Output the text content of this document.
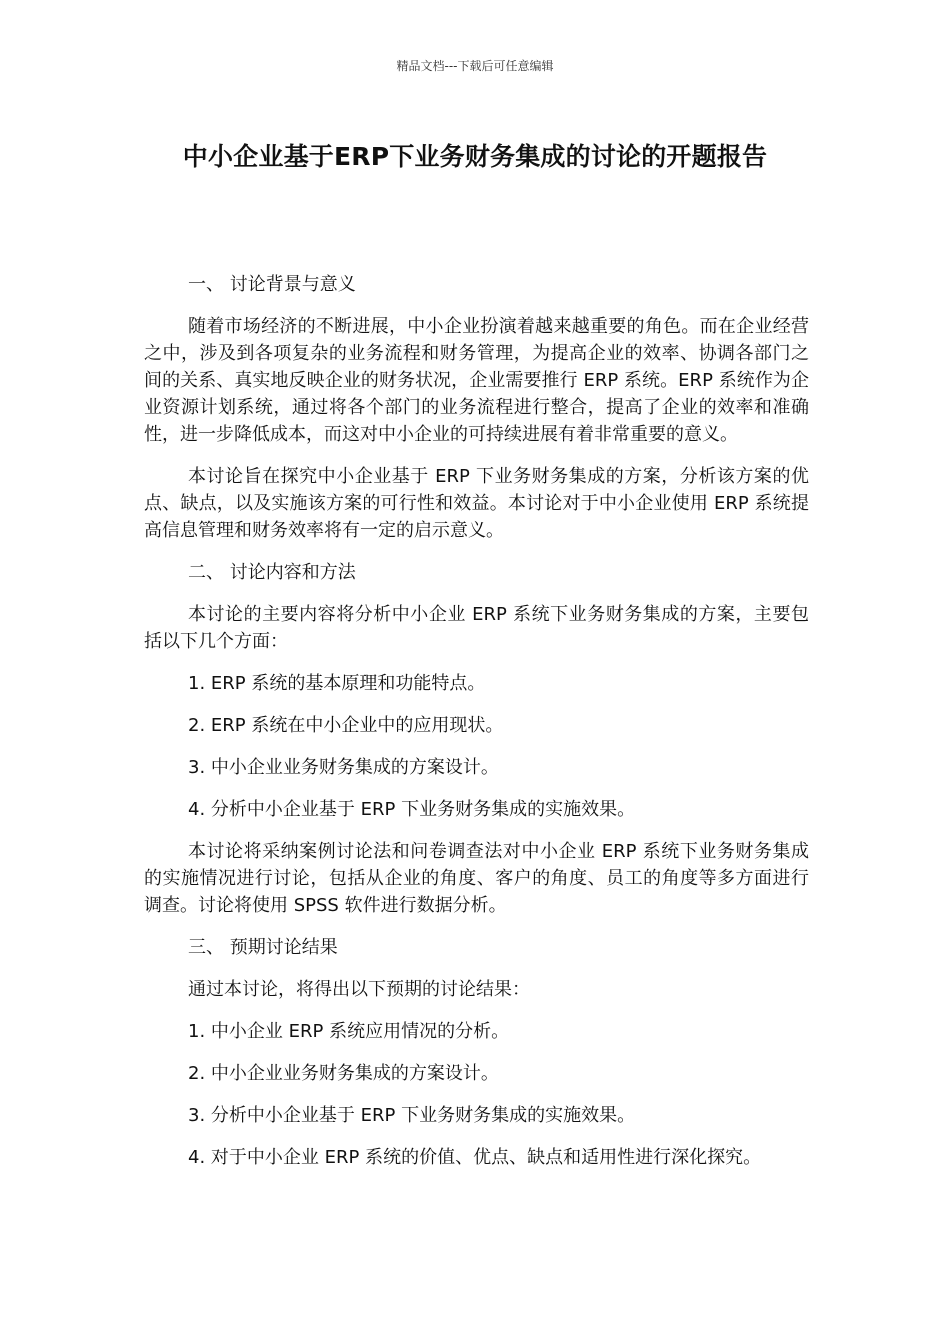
精品文档---下载后可任意编辑

中小企业基于ERP下业务财务集成的讨论的开题报告

一、 讨论背景与意义

随着市场经济的不断进展，中小企业扮演着越来越重要的角色。而在企业经营之中，涉及到各项复杂的业务流程和财务管理，为提高企业的效率、协调各部门之间的关系、真实地反映企业的财务状况，企业需要推行 ERP 系统。ERP 系统作为企业资源计划系统，通过将各个部门的业务流程进行整合，提高了企业的效率和准确性，进一步降低成本，而这对中小企业的可持续进展有着非常重要的意义。

本讨论旨在探究中小企业基于 ERP 下业务财务集成的方案，分析该方案的优点、缺点，以及实施该方案的可行性和效益。本讨论对于中小企业使用 ERP 系统提高信息管理和财务效率将有一定的启示意义。

二、 讨论内容和方法

本讨论的主要内容将分析中小企业 ERP 系统下业务财务集成的方案，主要包括以下几个方面：

1. ERP 系统的基本原理和功能特点。

2. ERP 系统在中小企业中的应用现状。

3. 中小企业业务财务集成的方案设计。

4. 分析中小企业基于 ERP 下业务财务集成的实施效果。

本讨论将采纳案例讨论法和问卷调查法对中小企业 ERP 系统下业务财务集成的实施情况进行讨论，包括从企业的角度、客户的角度、员工的角度等多方面进行调查。讨论将使用 SPSS 软件进行数据分析。

三、 预期讨论结果

通过本讨论，将得出以下预期的讨论结果：

1. 中小企业 ERP 系统应用情况的分析。

2. 中小企业业务财务集成的方案设计。

3. 分析中小企业基于 ERP 下业务财务集成的实施效果。

4. 对于中小企业 ERP 系统的价值、优点、缺点和适用性进行深化探究。
